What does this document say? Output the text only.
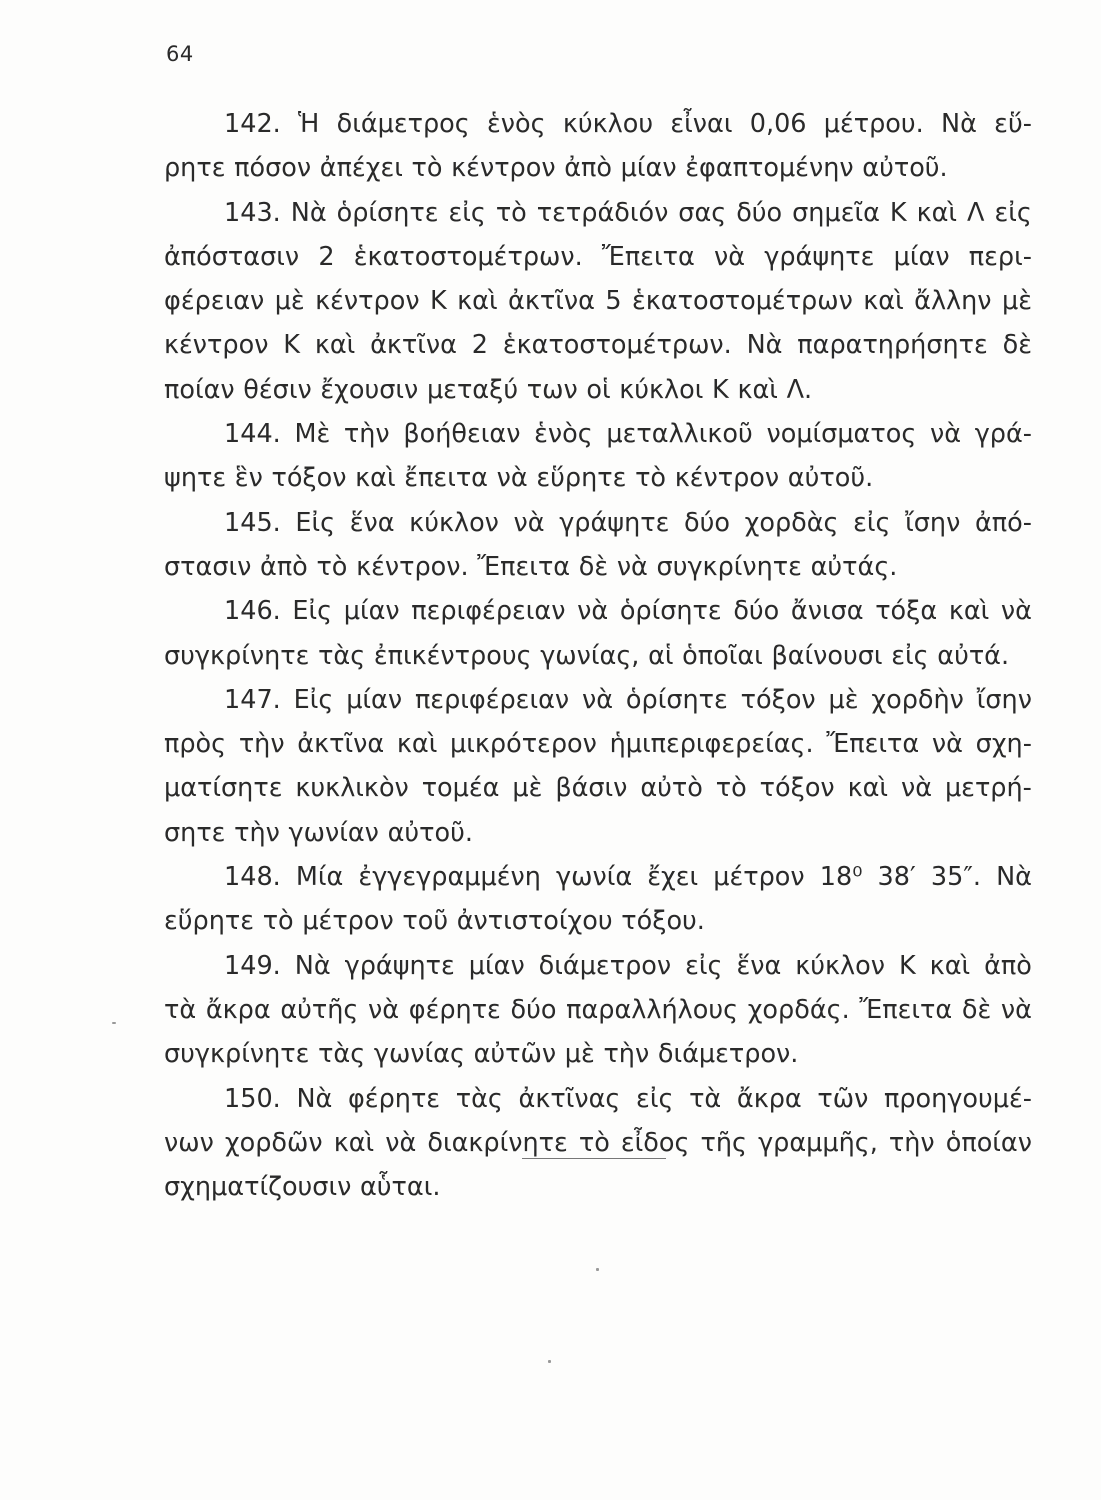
64
142. Ἡ διάμετρος ἑνὸς κύκλου εἶναι 0,06 μέτρου. Νὰ εὕ-
ρητε πόσον ἀπέχει τὸ κέντρον ἀπὸ μίαν ἐφαπτομένην αὐτοῦ.
143. Νὰ ὁρίσητε εἰς τὸ τετράδιόν σας δύο σημεῖα Κ καὶ Λ εἰς
ἀπόστασιν 2 ἑκατοστομέτρων. Ἔπειτα νὰ γράψητε μίαν περι-
φέρειαν μὲ κέντρον Κ καὶ ἀκτῖνα 5 ἑκατοστομέτρων καὶ ἄλλην μὲ
κέντρον Κ καὶ ἀκτῖνα 2 ἑκατοστομέτρων. Νὰ παρατηρήσητε δὲ
ποίαν θέσιν ἔχουσιν μεταξύ των οἱ κύκλοι Κ καὶ Λ.
144. Μὲ τὴν βοήθειαν ἑνὸς μεταλλικοῦ νομίσματος νὰ γρά-
ψητε ἓν τόξον καὶ ἔπειτα νὰ εὕρητε τὸ κέντρον αὐτοῦ.
145. Εἰς ἕνα κύκλον νὰ γράψητε δύο χορδὰς εἰς ἴσην ἀπό-
στασιν ἀπὸ τὸ κέντρον. Ἔπειτα δὲ νὰ συγκρίνητε αὐτάς.
146. Εἰς μίαν περιφέρειαν νὰ ὁρίσητε δύο ἄνισα τόξα καὶ νὰ
συγκρίνητε τὰς ἐπικέντρους γωνίας, αἱ ὁποῖαι βαίνουσι εἰς αὐτά.
147. Εἰς μίαν περιφέρειαν νὰ ὁρίσητε τόξον μὲ χορδὴν ἴσην
πρὸς τὴν ἀκτῖνα καὶ μικρότερον ἡμιπεριφερείας. Ἔπειτα νὰ σχη-
ματίσητε κυκλικὸν τομέα μὲ βάσιν αὐτὸ τὸ τόξον καὶ νὰ μετρή-
σητε τὴν γωνίαν αὐτοῦ.
148. Μία ἐγγεγραμμένη γωνία ἔχει μέτρον 18⁰ 38′ 35″. Νὰ
εὕρητε τὸ μέτρον τοῦ ἀντιστοίχου τόξου.
149. Νὰ γράψητε μίαν διάμετρον εἰς ἕνα κύκλον Κ καὶ ἀπὸ
τὰ ἄκρα αὐτῆς νὰ φέρητε δύο παραλλήλους χορδάς. Ἔπειτα δὲ νὰ
συγκρίνητε τὰς γωνίας αὐτῶν μὲ τὴν διάμετρον.
150. Νὰ φέρητε τὰς ἀκτῖνας εἰς τὰ ἄκρα τῶν προηγουμέ-
νων χορδῶν καὶ νὰ διακρίνητε τὸ εἶδος τῆς γραμμῆς, τὴν ὁποίαν
σχηματίζουσιν αὗται.
